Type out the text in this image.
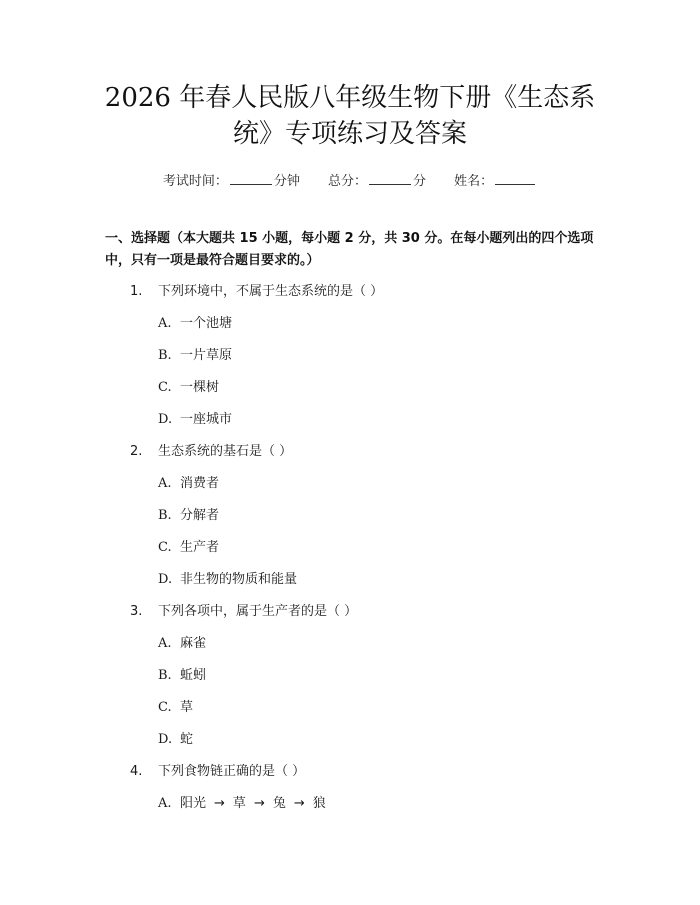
2026 年春人民版八年级生物下册《生态系
统》专项练习及答案
考试时间：	分钟 总分：	分 姓名：
一、选择题（本大题共 15 小题，每小题 2 分，共 30 分。在每小题列出的四个选项中，只有一项是最符合题目要求的。）
1. 下列环境中，不属于生态系统的是（ ）
A. 一个池塘
B. 一片草原
C. 一棵树
D. 一座城市
2. 生态系统的基石是（ ）
A. 消费者
B. 分解者
C. 生产者
D. 非生物的物质和能量
3. 下列各项中，属于生产者的是（ ）
A. 麻雀
B. 蚯蚓
C. 草
D. 蛇
4. 下列食物链正确的是（ ）
A. 阳光 → 草 → 兔 → 狼
